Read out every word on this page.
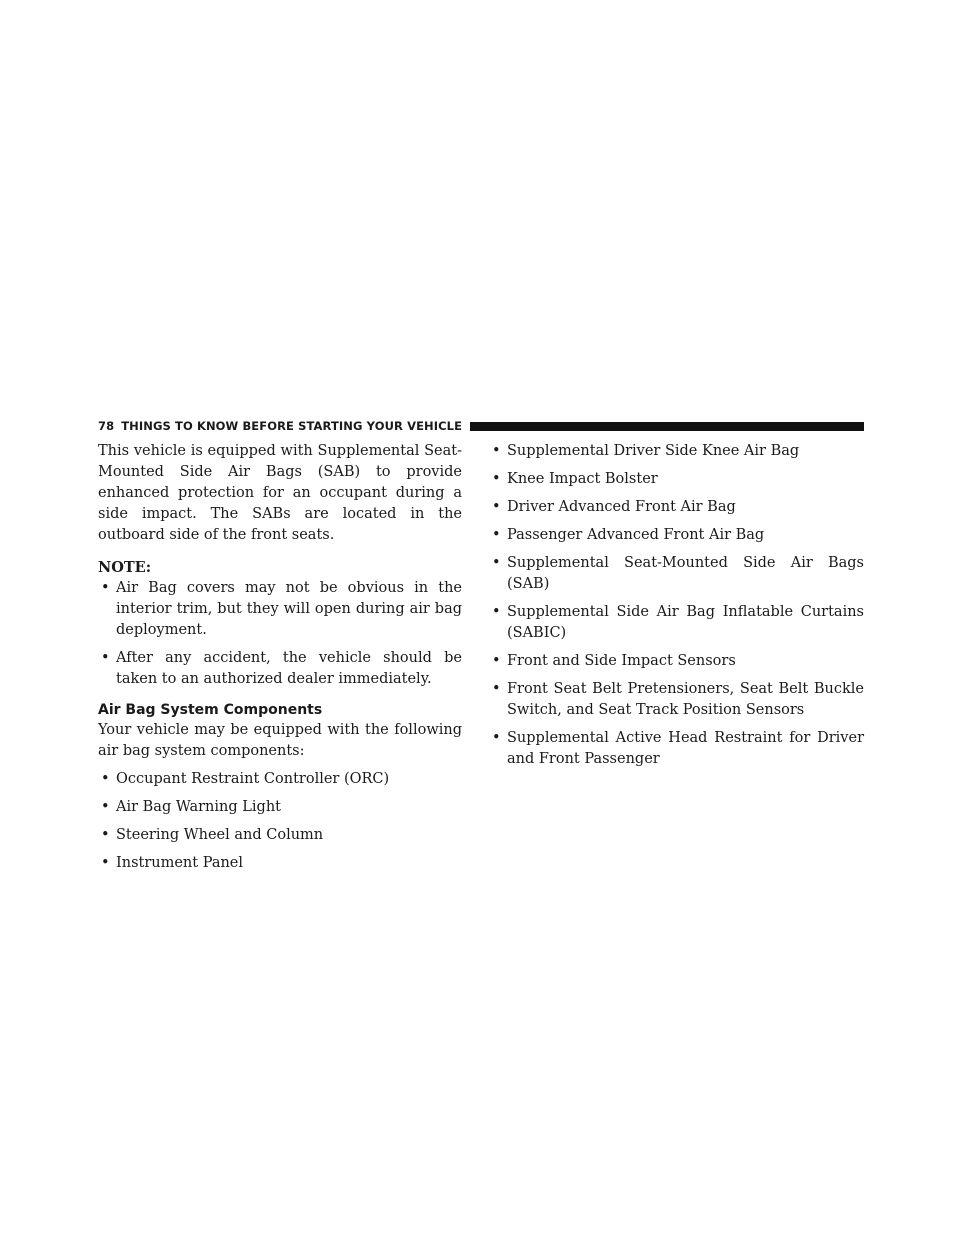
78 THINGS TO KNOW BEFORE STARTING YOUR VEHICLE

This vehicle is equipped with Supplemental Seat-Mounted Side Air Bags (SAB) to provide enhanced protection for an occupant during a side impact. The SABs are located in the outboard side of the front seats.

NOTE:

• Air Bag covers may not be obvious in the interior trim, but they will open during air bag deployment.
• After any accident, the vehicle should be taken to an authorized dealer immediately.
Air Bag System Components

Your vehicle may be equipped with the following air bag system components:

• Occupant Restraint Controller (ORC)
• Air Bag Warning Light
• Steering Wheel and Column
• Instrument Panel
• Supplemental Driver Side Knee Air Bag
• Knee Impact Bolster
• Driver Advanced Front Air Bag
• Passenger Advanced Front Air Bag
• Supplemental Seat-Mounted Side Air Bags (SAB)
• Supplemental Side Air Bag Inflatable Curtains (SABIC)
• Front and Side Impact Sensors
• Front Seat Belt Pretensioners, Seat Belt Buckle Switch, and Seat Track Position Sensors
• Supplemental Active Head Restraint for Driver and Front Passenger
